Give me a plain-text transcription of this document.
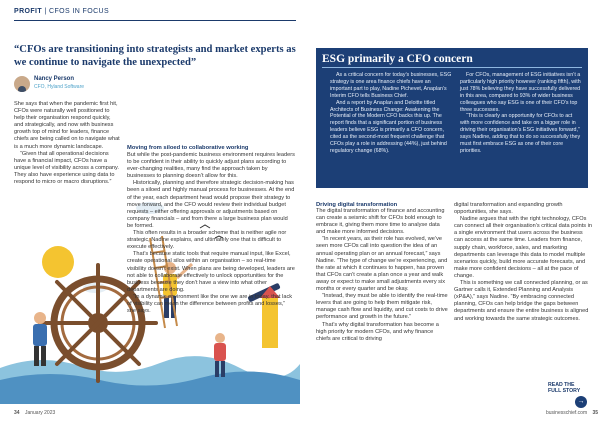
PROFIT | CFOS IN FOCUS
“CFOs are transitioning into strategists and market experts as we continue to navigate the unexpected”
Nancy Person
CFO, Hyland Software

She says that when the pandemic first hit, CFOs were naturally well positioned to help their organisation respond quickly, and strategically, and now with business growth top of mind for leaders, finance chiefs are being called on to navigate what is a much more dynamic landscape.

“Given that all operational decisions have a financial impact, CFOs have a unique level of visibility across a company. They also have experience using data to respond to micro or macro disruptions.”

Moving from siloed to collaborative working

But while the post-pandemic business environment requires leaders to be confident in their ability to quickly adjust plans according to ever-changing realities, many find the approach taken by businesses to planning doesn’t allow for this.

Historically, planning and therefore strategic decision-making has been a siloed and highly manual process for businesses. At the end of the year, each department head would propose their strategy to move forward, and the CFO would review their individual budget requests – either offering approvals or adjustments based on company financials – and from there a large business plan would be formed.

This often results in a broader scheme that is neither agile nor strategic, Nadine explains, and ultimately one that is difficult to execute effectively.

That’s because static tools that require manual input, like Excel, create operational silos within an organisation – so real-time visibility doesn’t exist. When plans are being developed, leaders are not able to collaborate effectively to unlock opportunities for the business because they don’t have a view into what other departments are doing.

“In a dynamic environment like the one we are in today, that lack of visibility can mean the difference between profits and losses,” she says.

ESG primarily a CFO concern

As a critical concern for today’s businesses, ESG strategy is one area finance chiefs have an important part to play, Nadine Pichevet, Anaplan’s Interim CFO tells Business Chief.

And a report by Anaplan and Deloitte titled Architects of Business Change: Awakening the Potential of the Modern CFO backs this up. The report finds that a significant portion of business leaders believe ESG is primarily a CFO concern, cited as the second-most frequent challenge that CFOs play a role in addressing (44%), just behind regulatory change (68%).

For CFOs, management of ESG initiatives isn’t a particularly high priority however (ranking fifth), with just 78% believing they have successfully delivered in this area, compared to 93% of wider business colleagues who say ESG is one of their CFO’s top three successes.

“This is clearly an opportunity for CFOs to act with more confidence and take on a bigger role in driving their organisation’s ESG initiatives forward,” says Nadine, adding that to do so successfully they must first embrace ESG as one of their core priorities.

Driving digital transformation

The digital transformation of finance and accounting can create a seismic shift for CFOs bold enough to embrace it, giving them more time to analyse data and make more informed decisions.

“In recent years, as their role has evolved, we’ve seen more CFOs call into question the idea of an annual operating plan or an annual forecast,” says Nadine. “The type of change we’re experiencing, and the rate at which it continues to happen, has proven that CFOs can’t create a plan once a year and walk away or expect to make small adjustments every six months or every quarter and be okay.

“Instead, they must be able to identify the real-time levers that are going to help them mitigate risk, manage cash flow and liquidity, and cut costs to drive performance and growth in the future.”

That’s why digital transformation has become a high priority for modern CFOs, and why finance chiefs are critical to driving

digital transformation and expanding growth opportunities, she says.

Nadine argues that with the right technology, CFOs can connect all their organisation’s critical data points in a single environment that users across the business can access at the same time. Leaders from finance, supply chain, workforce, sales, and marketing departments can leverage this data to model multiple scenarios quickly, build more accurate forecasts, and make more confident decisions – all at the pace of change.

This is something we call connected planning, or as Gartner calls it, Extended Planning and Analysis (xP&A),” says Nadine. “By embracing connected planning, CFOs can help bridge the gaps between departments and ensure the entire business is aligned and working towards the same strategic outcomes.

READ THE
FULL STORY
→
34 January 2023	businesschief.com 35
